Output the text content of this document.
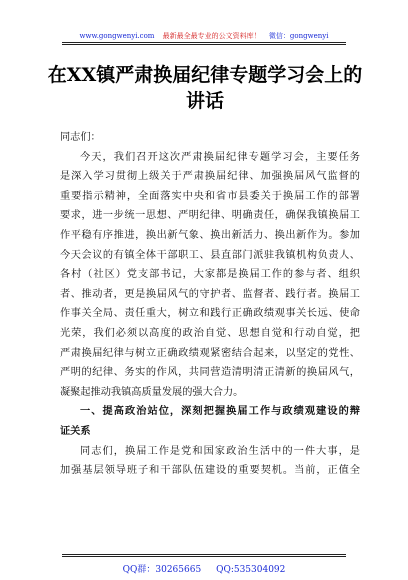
www.gongwenyi.com 最新最全最专业的公文资料库！ 微信：gongwenyi
在XX镇严肃换届纪律专题学习会上的讲话
同志们：
今天，我们召开这次严肃换届纪律专题学习会，主要任务
是深入学习贯彻上级关于严肃换届纪律、加强换届风气监督的
重要指示精神，全面落实中央和省市县委关于换届工作的部署
要求，进一步统一思想、严明纪律、明确责任，确保我镇换届工
作平稳有序推进，换出新气象、换出新活力、换出新作为。参加
今天会议的有镇全体干部职工、县直部门派驻我镇机构负责人、
各村（社区）党支部书记，大家都是换届工作的参与者、组织
者、推动者，更是换届风气的守护者、监督者、践行者。换届工
作事关全局、责任重大，树立和践行正确政绩观事关长远、使命
光荣，我们必须以高度的政治自觉、思想自觉和行动自觉，把
严肃换届纪律与树立正确政绩观紧密结合起来，以坚定的党性、
严明的纪律、务实的作风，共同营造清明清正清新的换届风气，
凝聚起推动我镇高质量发展的强大合力。
一、提高政治站位，深刻把握换届工作与政绩观建设的辩
证关系
同志们，换届工作是党和国家政治生活中的一件大事，是
加强基层领导班子和干部队伍建设的重要契机。当前，正值全
QQ群：30265665 QQ:535304092
